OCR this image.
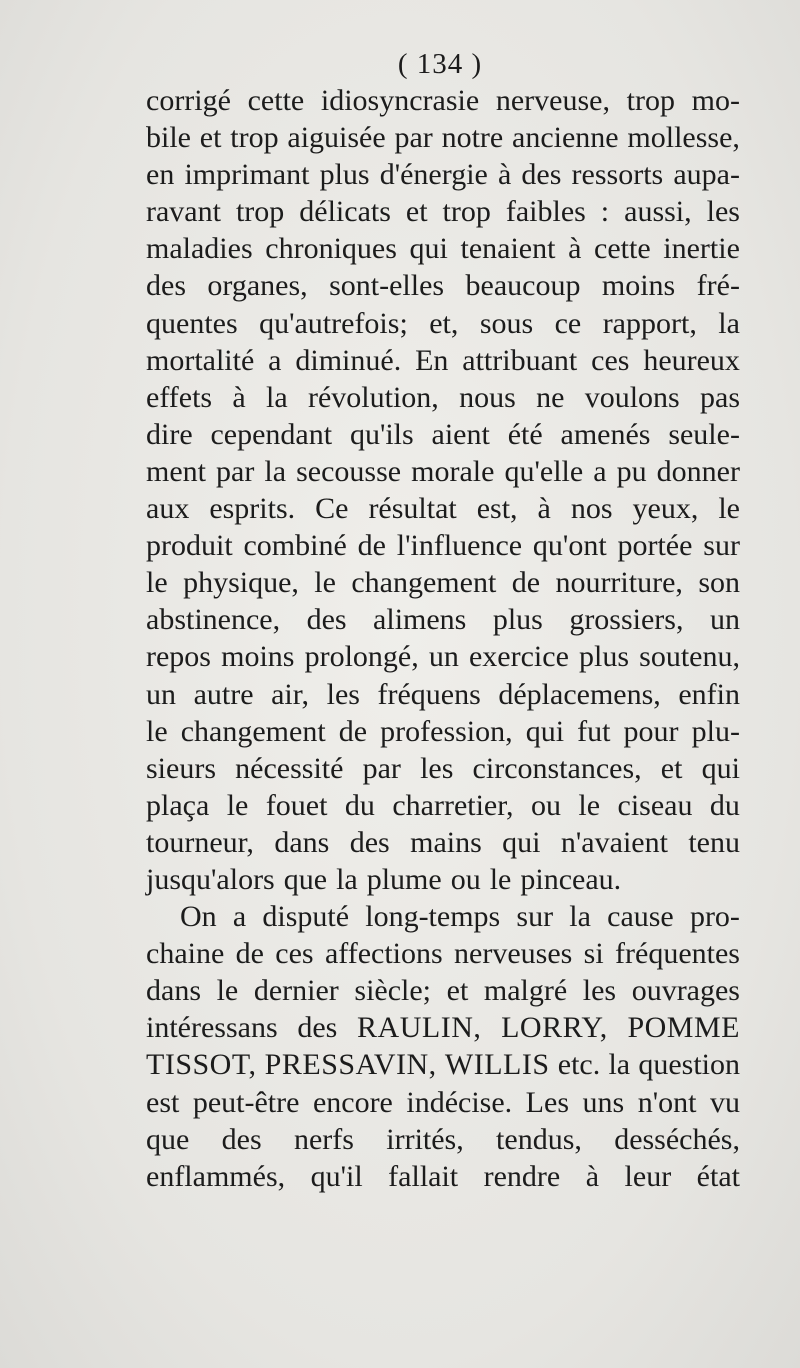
( 134 )
corrigé cette idiosyncrasie nerveuse, trop mo-
bile et trop aiguisée par notre ancienne mollesse,
en imprimant plus d'énergie à des ressorts aupa-
ravant trop délicats et trop faibles : aussi, les
maladies chroniques qui tenaient à cette inertie
des organes, sont-elles beaucoup moins fré-
quentes qu'autrefois; et, sous ce rapport, la
mortalité a diminué. En attribuant ces heureux
effets à la révolution, nous ne voulons pas
dire cependant qu'ils aient été amenés seule-
ment par la secousse morale qu'elle a pu donner
aux esprits. Ce résultat est, à nos yeux, le
produit combiné de l'influence qu'ont portée sur
le physique, le changement de nourriture, son
abstinence, des alimens plus grossiers, un
repos moins prolongé, un exercice plus soutenu,
un autre air, les fréquens déplacemens, enfin
le changement de profession, qui fut pour plu-
sieurs nécessité par les circonstances, et qui
plaça le fouet du charretier, ou le ciseau du
tourneur, dans des mains qui n'avaient tenu
jusqu'alors que la plume ou le pinceau.
On a disputé long-temps sur la cause pro-
chaine de ces affections nerveuses si fréquentes
dans le dernier siècle; et malgré les ouvrages
intéressans des RAULIN, LORRY, POMME
TISSOT, PRESSAVIN, WILLIS etc. la question
est peut-être encore indécise. Les uns n'ont vu
que des nerfs irrités, tendus, desséchés,
enflammés, qu'il fallait rendre à leur état
